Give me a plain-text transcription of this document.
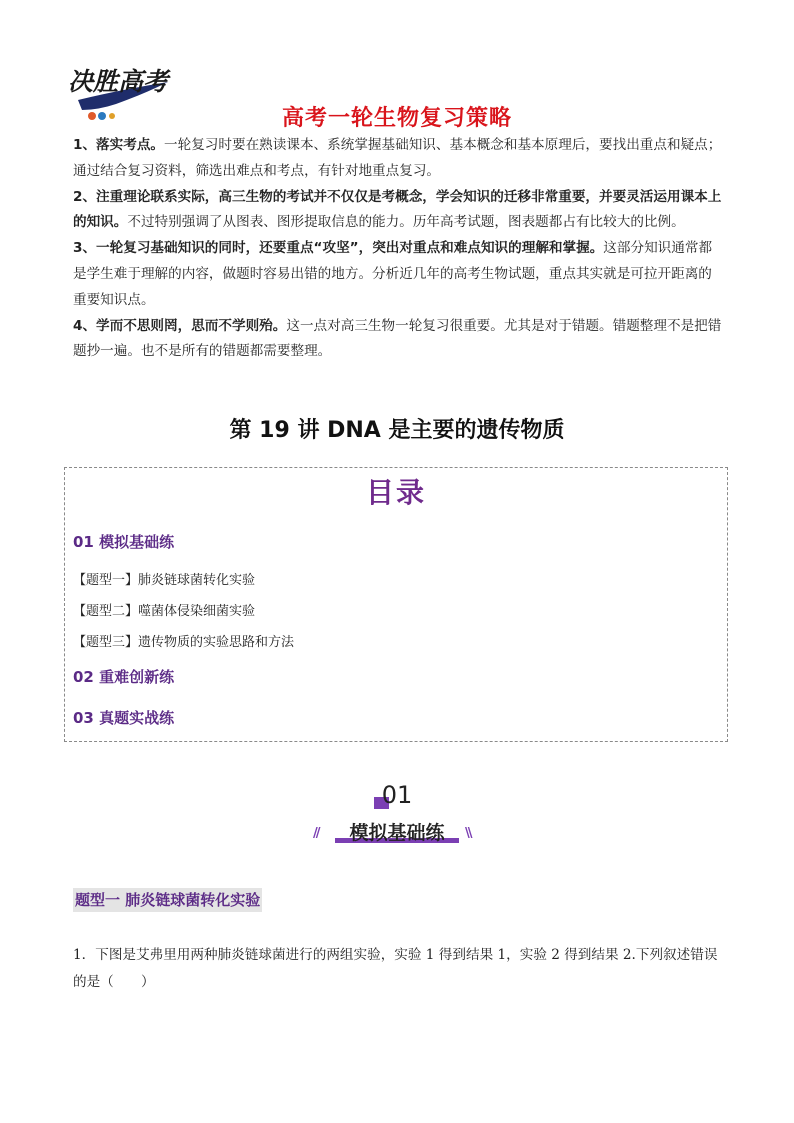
决胜高考
高考一轮生物复习策略

1、落实考点。一轮复习时要在熟读课本、系统掌握基础知识、基本概念和基本原理后，要找出重点和疑点；通过结合复习资料，筛选出难点和考点，有针对地重点复习。

2、注重理论联系实际，高三生物的考试并不仅仅是考概念，学会知识的迁移非常重要，并要灵活运用课本上的知识。不过特别强调了从图表、图形提取信息的能力。历年高考试题，图表题都占有比较大的比例。

3、一轮复习基础知识的同时，还要重点“攻坚”，突出对重点和难点知识的理解和掌握。这部分知识通常都是学生难于理解的内容，做题时容易出错的地方。分析近几年的高考生物试题，重点其实就是可拉开距离的重要知识点。

4、学而不思则罔，思而不学则殆。这一点对高三生物一轮复习很重要。尤其是对于错题。错题整理不是把错题抄一遍。也不是所有的错题都需要整理。

第 19 讲 DNA 是主要的遗传物质
目录
01 模拟基础练
【题型一】肺炎链球菌转化实验
【题型二】噬菌体侵染细菌实验
【题型三】遗传物质的实验思路和方法
02 重难创新练
03 真题实战练
01
模拟基础练
//	\\
题型一 肺炎链球菌转化实验
1．下图是艾弗里用两种肺炎链球菌进行的两组实验，实验 1 得到结果 1，实验 2 得到结果 2.下列叙述错误的是（　　）
